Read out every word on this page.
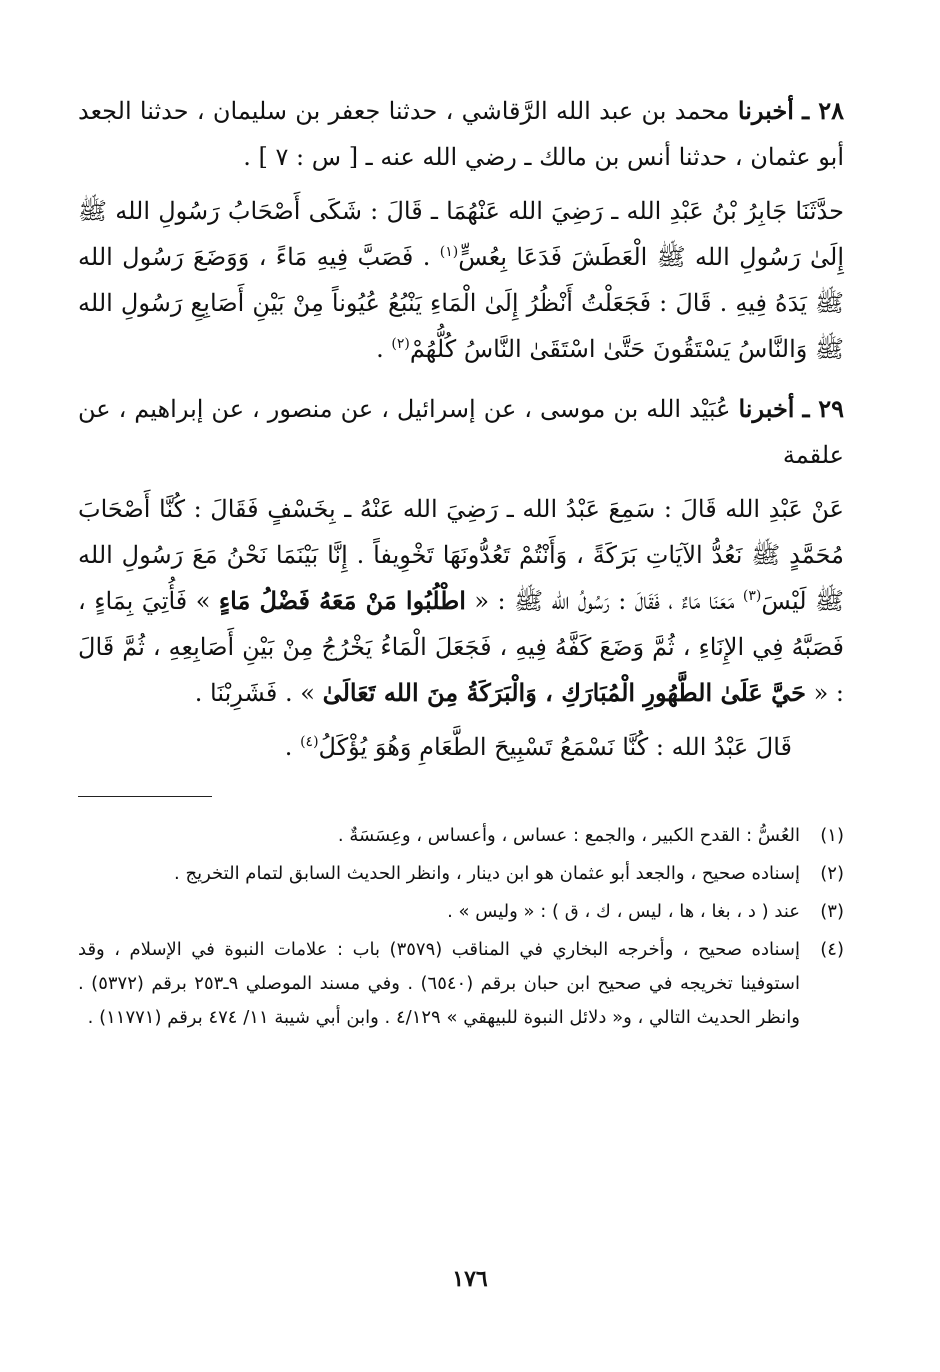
٢٨ ـ أخبرنا محمد بن عبد الله الرَّقاشي ، حدثنا جعفر بن سليمان ، حدثنا الجعد أبو عثمان ، حدثنا أنس بن مالك ـ رضي الله عنه ـ [ س : ٧ ] .

حدَّثَنَا جَابِرُ بْنُ عَبْدِ الله ـ رَضِيَ الله عَنْهُمَا ـ قَالَ : شَكَى أَصْحَابُ رَسُولِ الله ﷺ إِلَىٰ رَسُولِ الله ﷺ الْعَطَشَ فَدَعَا بِعُسٍّ$^{(١)}$ . فَصَبَّ فِيهِ مَاءً ، وَوَضَعَ رَسُول الله ﷺ يَدَهُ فِيهِ . قَالَ : فَجَعَلْتُ أَنْظُرُ إِلَىٰ الْمَاءِ يَنْبُعُ عُيُوناً مِنْ بَيْنِ أَصَابِعِ رَسُولِ الله ﷺ وَالنَّاسُ يَسْتَقُونَ حَتَّىٰ اسْتَقَىٰ النَّاسُ كُلُّهُمْ$^{(٢)}$ .

٢٩ ـ أخبرنا عُبَيْد الله بن موسى ، عن إسرائيل ، عن منصور ، عن إبراهيم ، عن علقمة

عَنْ عَبْدِ الله قَالَ : سَمِعَ عَبْدُ الله ـ رَضِيَ الله عَنْهُ ـ بِخَسْفٍ فَقَالَ : كُنَّا أَصْحَابَ مُحَمَّدٍ ﷺ نَعُدُّ الآيَاتِ بَرَكَةً ، وَأَنْتُمْ تَعُدُّونَهَا تَخْوِيفاً . إِنَّا بَيْنَمَا نَحْنُ مَعَ رَسُولِ الله ﷺ لَيْسَ$^{(٣)}$ مَعَنَا مَاءٌ ، فَقَالَ : رَسُولُ الله ﷺ : « اطْلُبُوا مَنْ مَعَهُ فَضْلُ مَاءٍ » فَأُتِيَ بِمَاءٍ ، فَصَبَّهُ فِي الإِنَاءِ ، ثُمَّ وَضَعَ كَفَّهُ فِيهِ ، فَجَعَلَ الْمَاءُ يَخْرُجُ مِنْ بَيْنِ أَصَابِعِهِ ، ثُمَّ قَالَ : « حَيَّ عَلَىٰ الطَّهُورِ الْمُبَارَكِ ، وَالْبَرَكَةُ مِنَ الله تَعَالَىٰ » . فَشَرِبْنَا .

قَالَ عَبْدُ الله : كُنَّا نَسْمَعُ تَسْبِيحَ الطَّعَامِ وَهُوَ يُؤْكَلُ$^{(٤)}$ .

(١)
العُسُّ : القدح الكبير ، والجمع : عساس ، وأعساس ، وعِسَسَةٌ .
(٢)
إسناده صحيح ، والجعد أبو عثمان هو ابن دينار ، وانظر الحديث السابق لتمام التخريج .
(٣)
عند ( د ، بغا ، ها ، ليس ، ك ، ق ) : « وليس » .
(٤)
إسناده صحيح ، وأخرجه البخاري في المناقب (٣٥٧٩) باب : علامات النبوة في الإسلام ، وقد استوفينا تخريجه في صحيح ابن حبان برقم (٦٥٤٠) . وفي مسند الموصلي ٩ـ٢٥٣ برقم (٥٣٧٢) . وانظر الحديث التالي ، و« دلائل النبوة للبيهقي » ٤/١٢٩ . وابن أبي شيبة ١١/ ٤٧٤ برقم (١١٧٧١) .
١٧٦
